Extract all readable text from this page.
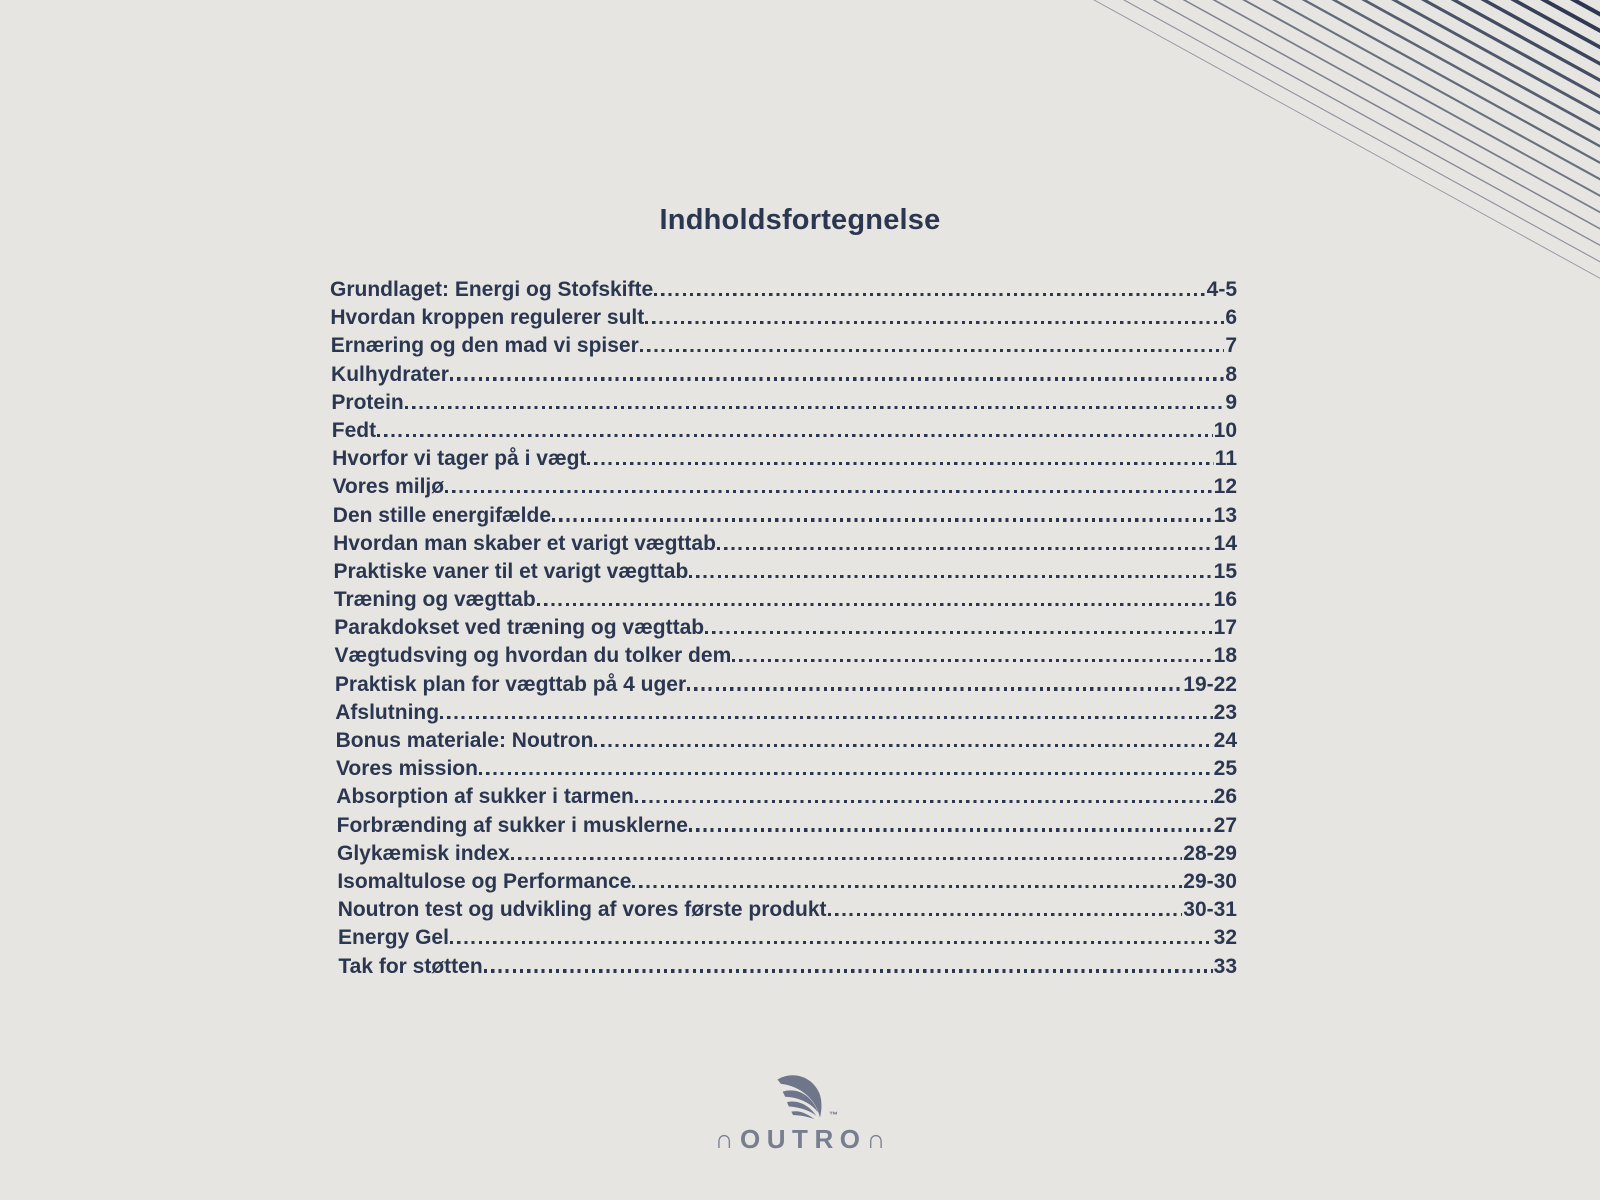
Indholdsfortegnelse
Grundlaget: Energi og Stofskifte	4-5
Hvordan kroppen regulerer sult	6
Ernæring og den mad vi spiser	7
Kulhydrater	8
Protein	9
Fedt	10
Hvorfor vi tager på i vægt	11
Vores miljø	12
Den stille energifælde	13
Hvordan man skaber et varigt vægttab	14
Praktiske vaner til et varigt vægttab	15
Træning og vægttab	16
Parakdokset ved træning og vægttab	17
Vægtudsving og hvordan du tolker dem	18
Praktisk plan for vægttab på 4 uger	19-22
Afslutning	23
Bonus materiale: Noutron	24
Vores mission	25
Absorption af sukker i tarmen	26
Forbrænding af sukker i musklerne	27
Glykæmisk index	28-29
Isomaltulose og Performance	29-30
Noutron test og udvikling af vores første produkt	30-31
Energy Gel	32
Tak for støtten	33
™
∩OUTRO∩
